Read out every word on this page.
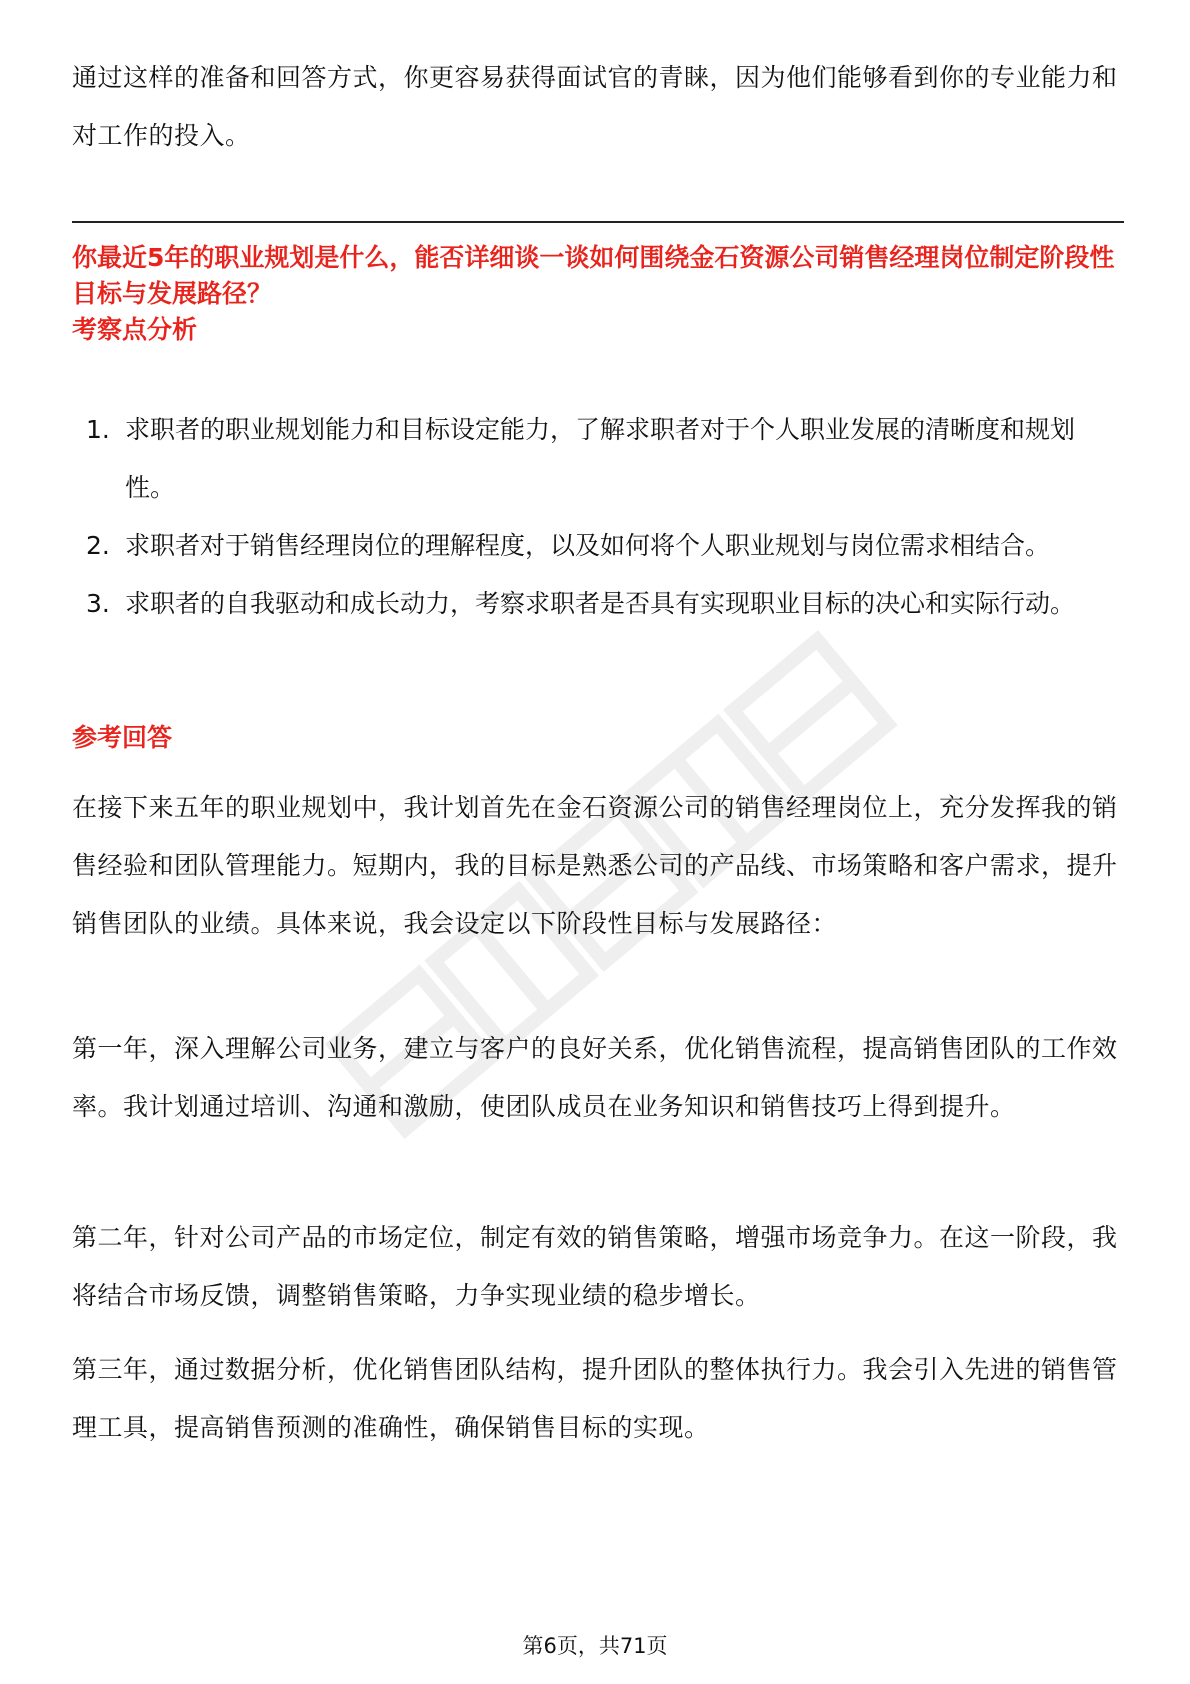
通过这样的准备和回答方式，你更容易获得面试官的青睐，因为他们能够看到你的专业能力和对工作的投入。

你最近5年的职业规划是什么，能否详细谈一谈如何围绕金石资源公司销售经理岗位制定阶段性目标与发展路径？

考察点分析

1. 求职者的职业规划能力和目标设定能力，了解求职者对于个人职业发展的清晰度和规划性。
2. 求职者对于销售经理岗位的理解程度，以及如何将个人职业规划与岗位需求相结合。
3. 求职者的自我驱动和成长动力，考察求职者是否具有实现职业目标的决心和实际行动。

参考回答

在接下来五年的职业规划中，我计划首先在金石资源公司的销售经理岗位上，充分发挥我的销售经验和团队管理能力。短期内，我的目标是熟悉公司的产品线、市场策略和客户需求，提升销售团队的业绩。具体来说，我会设定以下阶段性目标与发展路径：

第一年，深入理解公司业务，建立与客户的良好关系，优化销售流程，提高销售团队的工作效率。我计划通过培训、沟通和激励，使团队成员在业务知识和销售技巧上得到提升。

第二年，针对公司产品的市场定位，制定有效的销售策略，增强市场竞争力。在这一阶段，我将结合市场反馈，调整销售策略，力争实现业绩的稳步增长。

第三年，通过数据分析，优化销售团队结构，提升团队的整体执行力。我会引入先进的销售管理工具，提高销售预测的准确性，确保销售目标的实现。

第6页，共71页
